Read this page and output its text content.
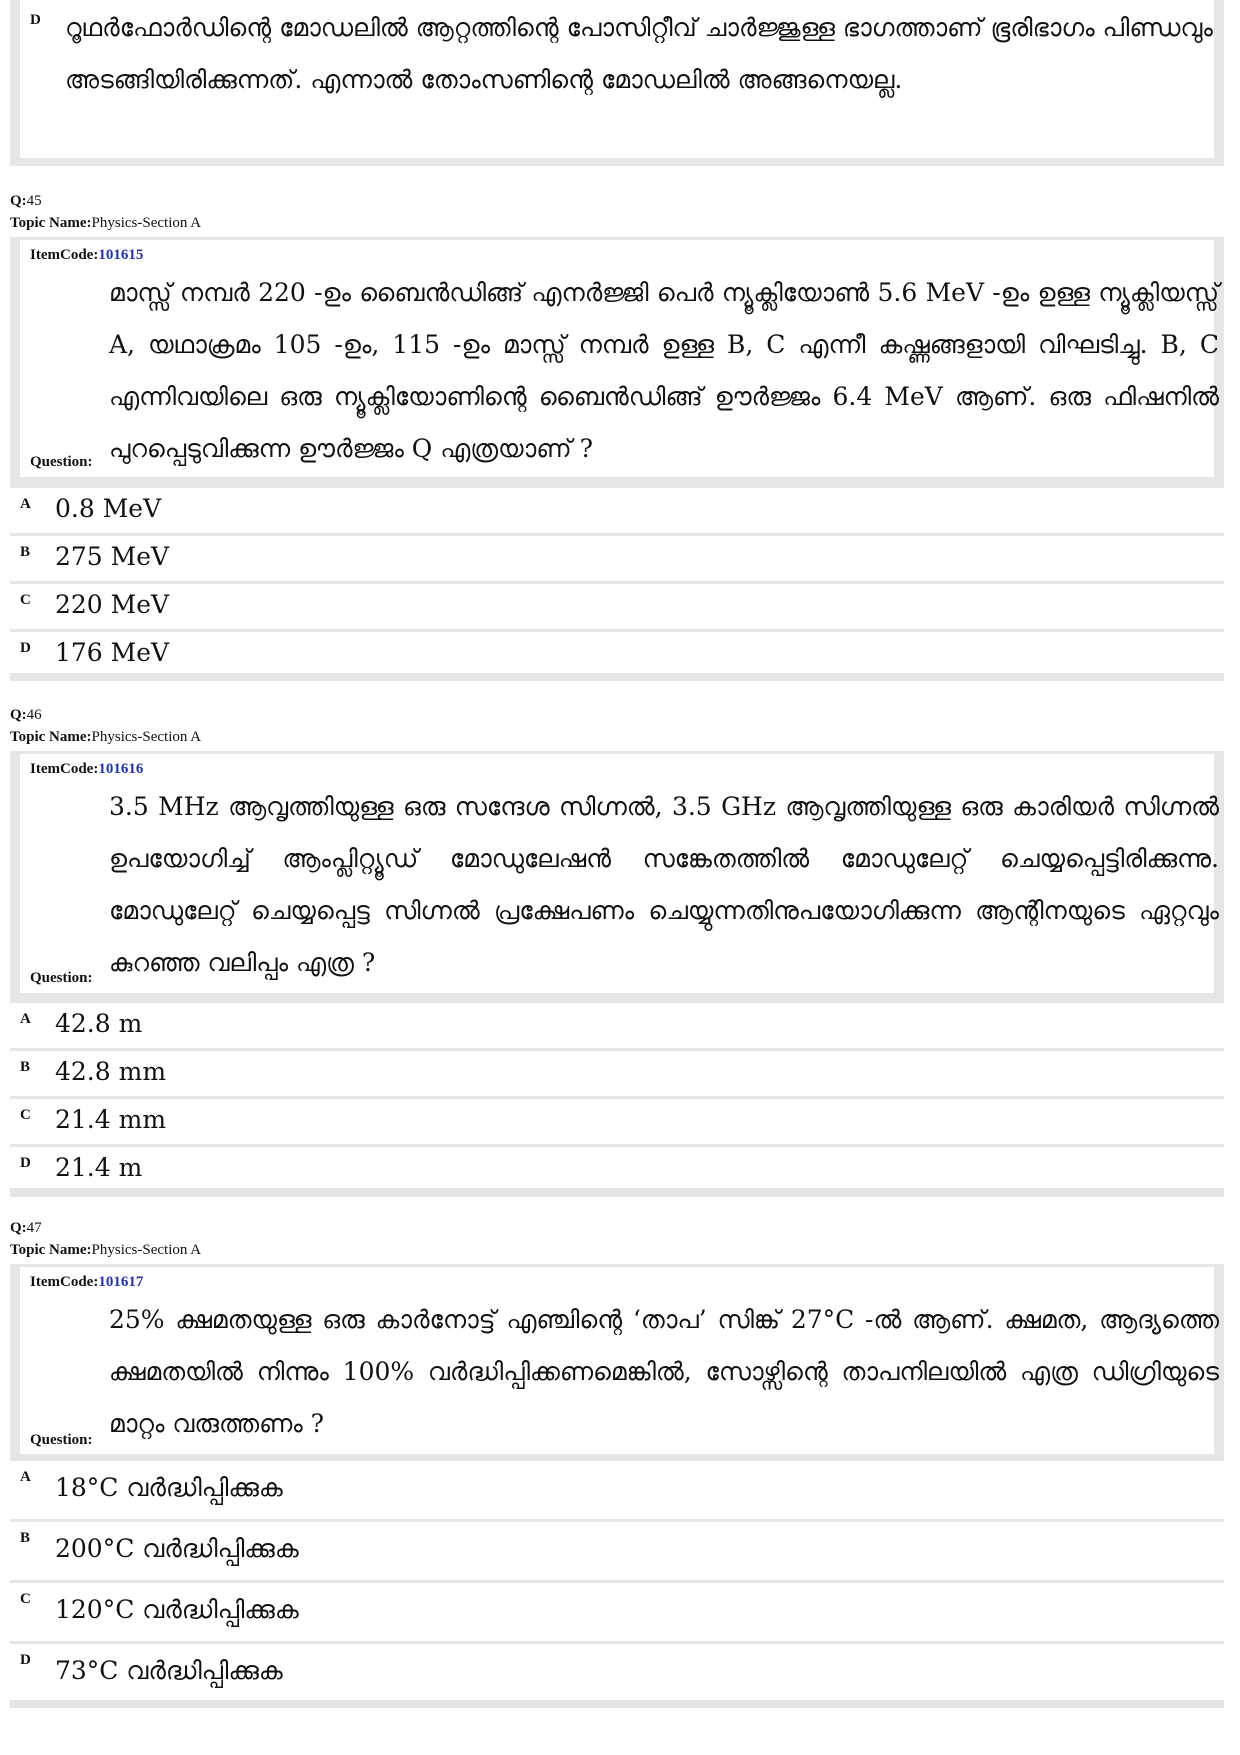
D റൂഥർഫോർഡിന്റെ മോഡലിൽ ആറ്റത്തിന്റെ പോസിറ്റീവ് ചാർജ്ജുള്ള ഭാഗത്താണ് ഭൂരിഭാഗം പിണ്ഡവും അടങ്ങിയിരിക്കുന്നത്. എന്നാൽ തോംസണിന്റെ മോഡലിൽ അങ്ങനെയല്ല.
Q:45
Topic Name:Physics-Section A
ItemCode:101615
മാസ്സ് നമ്പർ 220 -ഉം ബൈൻഡിങ്ങ് എനർജ്ജി പെർ ന്യൂക്ലിയോൺ 5.6 MeV -ഉം ഉള്ള ന്യൂക്ലിയസ്സ് A, യഥാക്രമം 105 -ഉം, 115 -ഉം മാസ്സ് നമ്പർ ഉള്ള B, C എന്നീ കഷ്ണങ്ങളായി വിഘടിച്ചു. B, C എന്നിവയിലെ ഒരു ന്യൂക്ലിയോണിന്റെ ബൈൻഡിങ്ങ് ഊർജ്ജം 6.4 MeV ആണ്. ഒരു ഫിഷനിൽ പുറപ്പെടുവിക്കുന്ന ഊർജ്ജം Q എത്രയാണ് ?
Question:
A 0.8 MeV
B 275 MeV
C 220 MeV
D 176 MeV
Q:46
Topic Name:Physics-Section A
ItemCode:101616
3.5 MHz ആവൃത്തിയുള്ള ഒരു സന്ദേശ സിഗ്നൽ, 3.5 GHz ആവൃത്തിയുള്ള ഒരു കാരിയർ സിഗ്നൽ ഉപയോഗിച്ച് ആംപ്ലിറ്റ്യൂഡ് മോഡുലേഷൻ സങ്കേതത്തിൽ മോഡുലേറ്റ് ചെയ്യപ്പെട്ടിരിക്കുന്നു. മോഡുലേറ്റ് ചെയ്യപ്പെട്ട സിഗ്നൽ പ്രക്ഷേപണം ചെയ്യുന്നതിനുപയോഗിക്കുന്ന ആന്റിനയുടെ ഏറ്റവും കുറഞ്ഞ വലിപ്പം എത്ര ?
Question:
A 42.8 m
B 42.8 mm
C 21.4 mm
D 21.4 m
Q:47
Topic Name:Physics-Section A
ItemCode:101617
25% ക്ഷമതയുള്ള ഒരു കാർനോട്ട് എഞ്ചിന്റെ ‘താപ’ സിങ്ക് 27°C -ൽ ആണ്. ക്ഷമത, ആദ്യത്തെ ക്ഷമതയിൽ നിന്നും 100% വർദ്ധിപ്പിക്കണമെങ്കിൽ, സോഴ്സിന്റെ താപനിലയിൽ എത്ര ഡിഗ്രിയുടെ മാറ്റം വരുത്തണം ?
Question:
A 18°C വർദ്ധിപ്പിക്കുക
B 200°C വർദ്ധിപ്പിക്കുക
C 120°C വർദ്ധിപ്പിക്കുക
D 73°C വർദ്ധിപ്പിക്കുക
